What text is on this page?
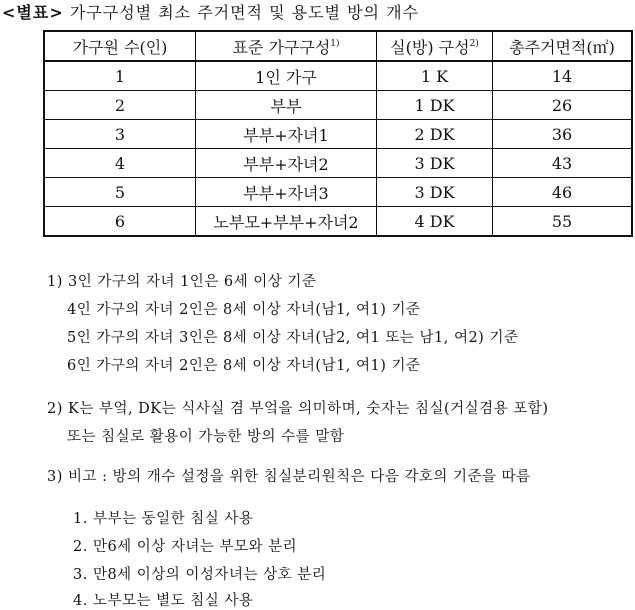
<별표> 가구구성별 최소 주거면적 및 용도별 방의 개수
가구원 수(인)	표준 가구구성$^{1)}$	실(방) 구성$^{2)}$	총주거면적(㎡)
1	1인 가구	1 K	14
2	부부	1 DK	26
3	부부+자녀1	2 DK	36
4	부부+자녀2	3 DK	43
5	부부+자녀3	3 DK	46
6	노부모+부부+자녀2	4 DK	55
1) 3인 가구의 자녀 1인은 6세 이상 기준
4인 가구의 자녀 2인은 8세 이상 자녀(남1, 여1) 기준
5인 가구의 자녀 3인은 8세 이상 자녀(남2, 여1 또는 남1, 여2) 기준
6인 가구의 자녀 2인은 8세 이상 자녀(남1, 여1) 기준
2) K는 부엌, DK는 식사실 겸 부엌을 의미하며, 숫자는 침실(거실겸용 포함)
또는 침실로 활용이 가능한 방의 수를 말함
3) 비고 : 방의 개수 설정을 위한 침실분리원칙은 다음 각호의 기준을 따름
1. 부부는 동일한 침실 사용
2. 만6세 이상 자녀는 부모와 분리
3. 만8세 이상의 이성자녀는 상호 분리
4. 노부모는 별도 침실 사용
